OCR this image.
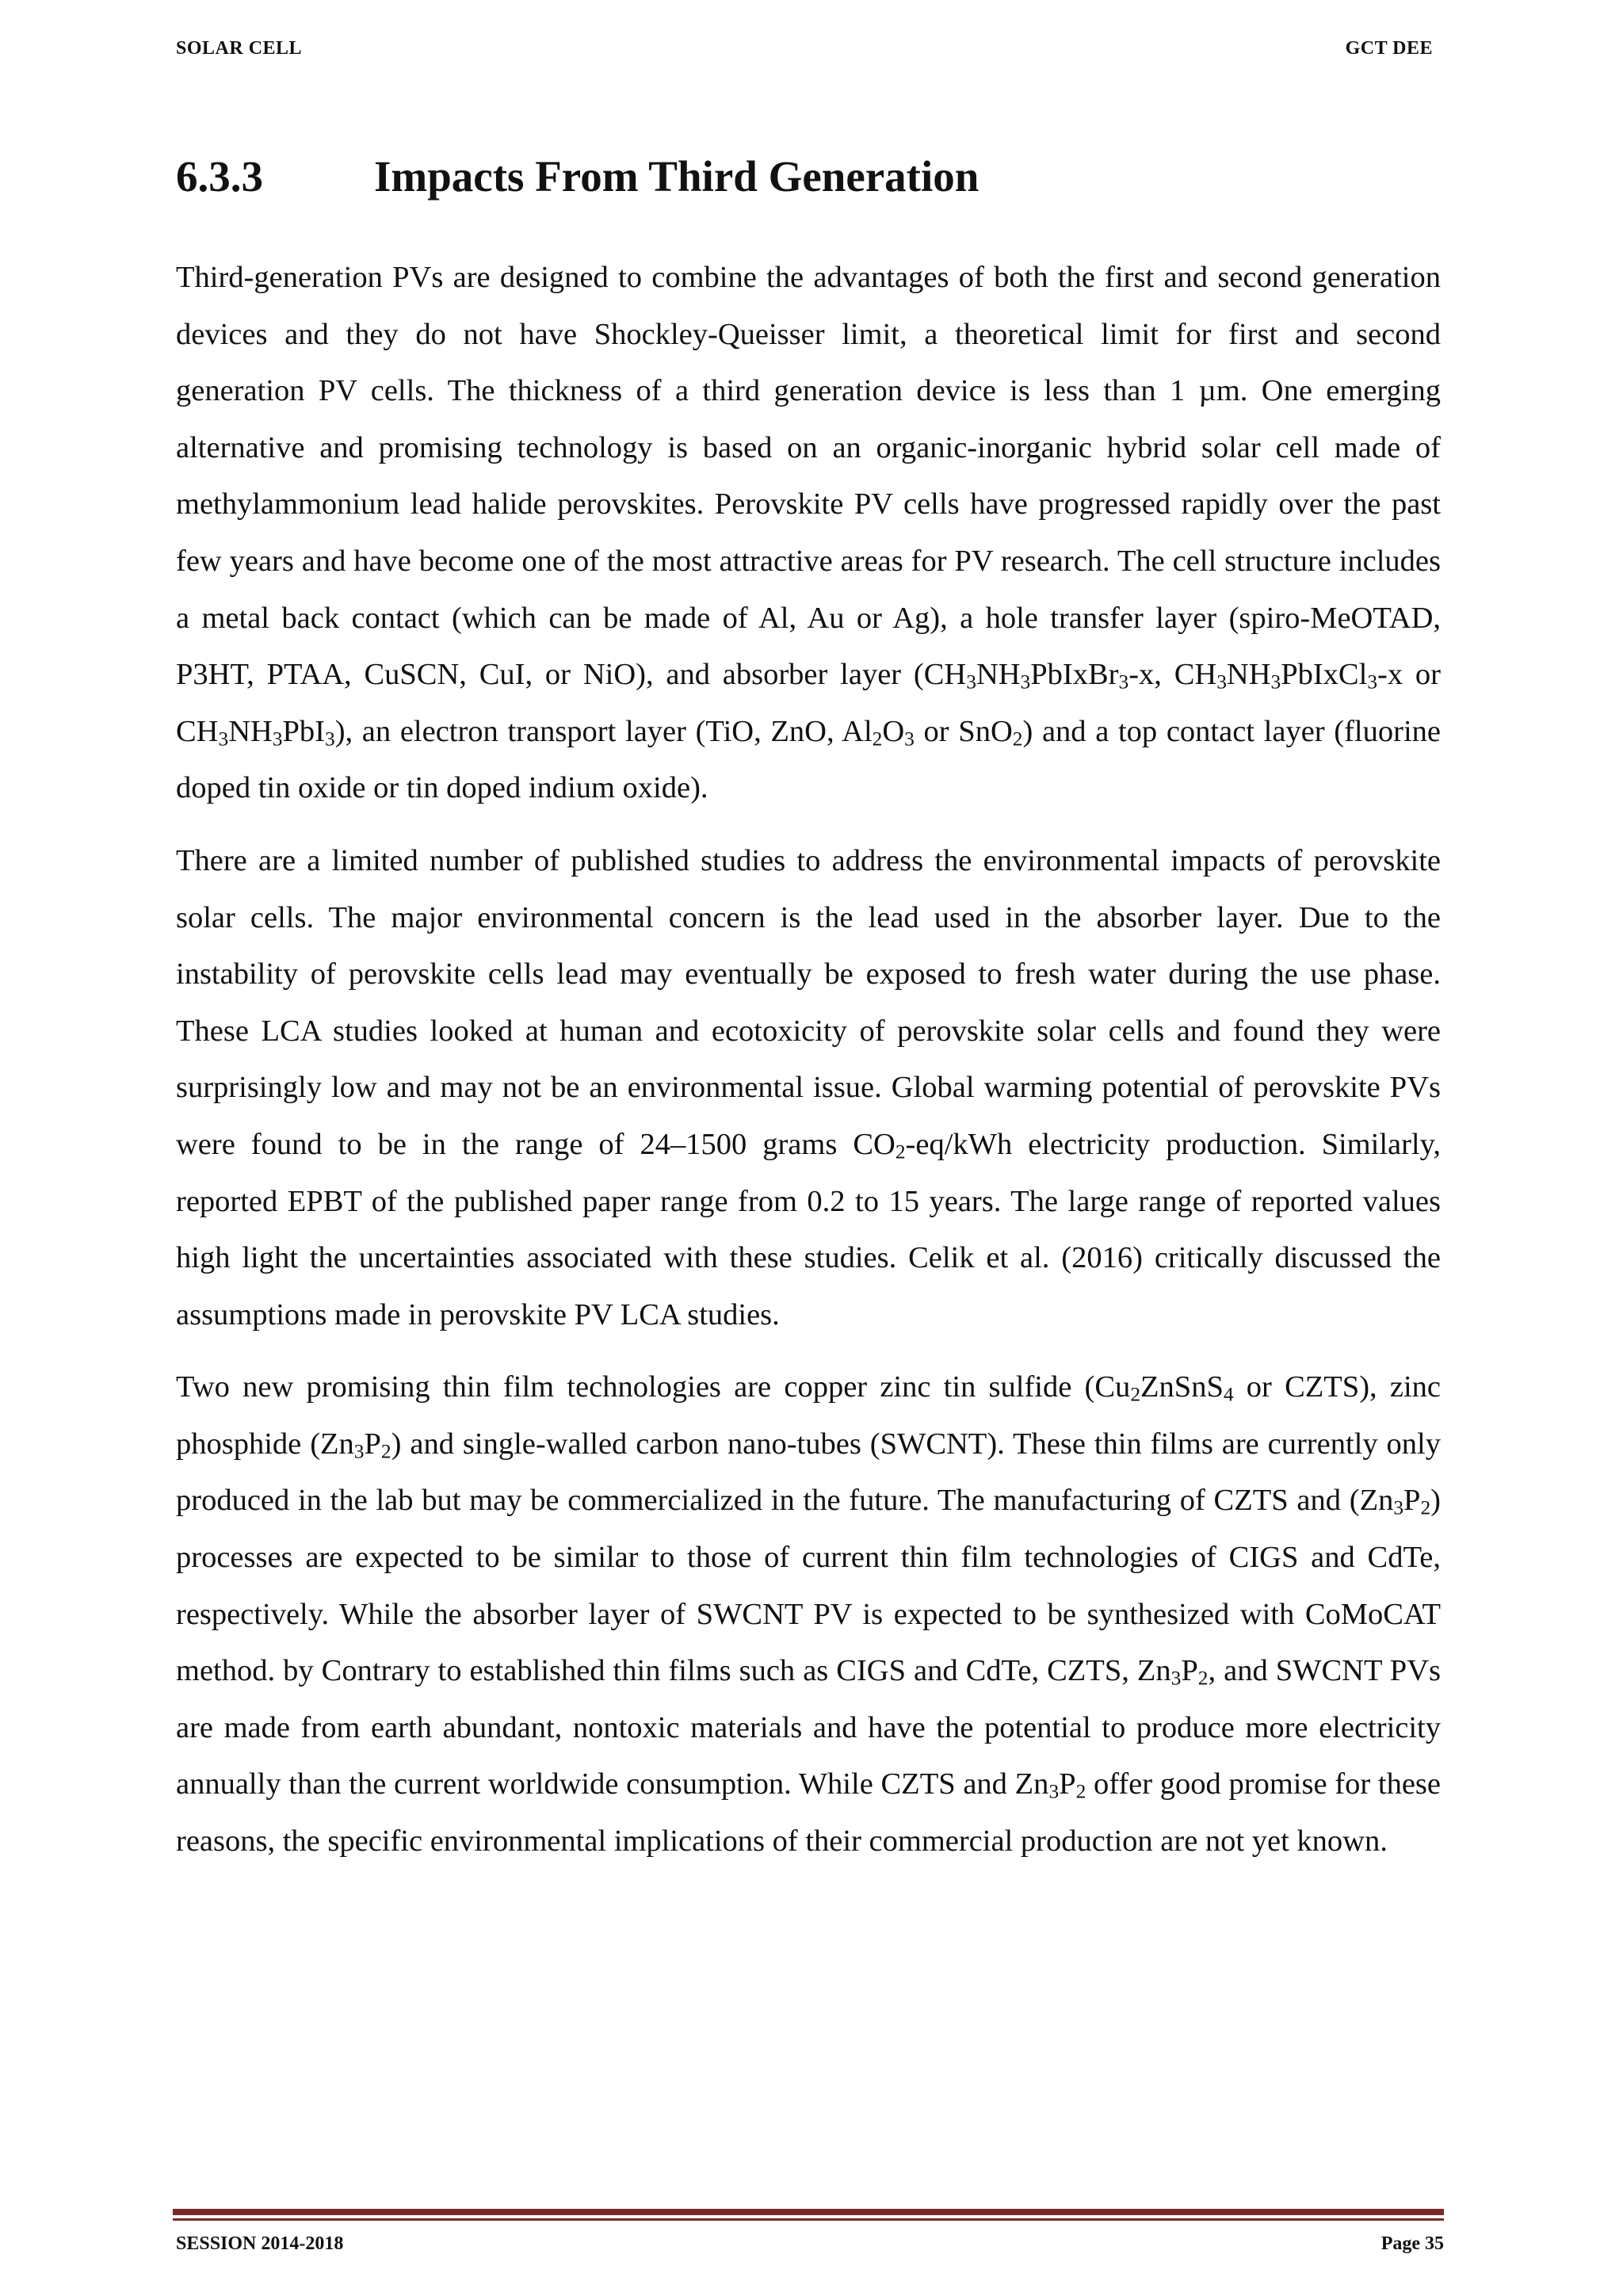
SOLAR CELL	GCT DEE
6.3.3	Impacts From Third Generation

Third-generation PVs are designed to combine the advantages of both the first and second generation devices and they do not have Shockley-Queisser limit, a theoretical limit for first and second generation PV cells. The thickness of a third generation device is less than 1 µm. One emerging alternative and promising technology is based on an organic-inorganic hybrid solar cell made of methylammonium lead halide perovskites. Perovskite PV cells have progressed rapidly over the past few years and have become one of the most attractive areas for PV research. The cell structure includes a metal back contact (which can be made of Al, Au or Ag), a hole transfer layer (spiro-MeOTAD, P3HT, PTAA, CuSCN, CuI, or NiO), and absorber layer ($CH_3NH_3PbIxBr_3-x$, $CH_3NH_3PbIxCl_3-x$ or $CH_3NH_3PbI_3$), an electron transport layer (TiO, ZnO, $Al_2O_3$ or SnO$_2$) and a top contact layer (fluorine doped tin oxide or tin doped indium oxide).

There are a limited number of published studies to address the environmental impacts of perovskite solar cells. The major environmental concern is the lead used in the absorber layer. Due to the instability of perovskite cells lead may eventually be exposed to fresh water during the use phase. These LCA studies looked at human and ecotoxicity of perovskite solar cells and found they were surprisingly low and may not be an environmental issue. Global warming potential of perovskite PVs were found to be in the range of 24–1500 grams $CO_2-eq$/kWh electricity production. Similarly, reported EPBT of the published paper range from 0.2 to 15 years. The large range of reported values high light the uncertainties associated with these studies. Celik et al. (2016) critically discussed the assumptions made in perovskite PV LCA studies.

Two new promising thin film technologies are copper zinc tin sulfide ($Cu_2ZnSnS_4$ or CZTS), zinc phosphide $(Zn_3P_2)$ and single-walled carbon nano-tubes (SWCNT). These thin films are currently only produced in the lab but may be commercialized in the future. The manufacturing of CZTS and $(Zn_3P_2)$ processes are expected to be similar to those of current thin film technologies of CIGS and CdTe, respectively. While the absorber layer of SWCNT PV is expected to be synthesized with CoMoCAT method. by Contrary to established thin films such as CIGS and CdTe, CZTS, $Zn_3P_2$, and SWCNT PVs are made from earth abundant, nontoxic materials and have the potential to produce more electricity annually than the current worldwide consumption. While CZTS and $Zn_3P_2$ offer good promise for these reasons, the specific environmental implications of their commercial production are not yet known.

SESSION 2014-2018	Page 35
